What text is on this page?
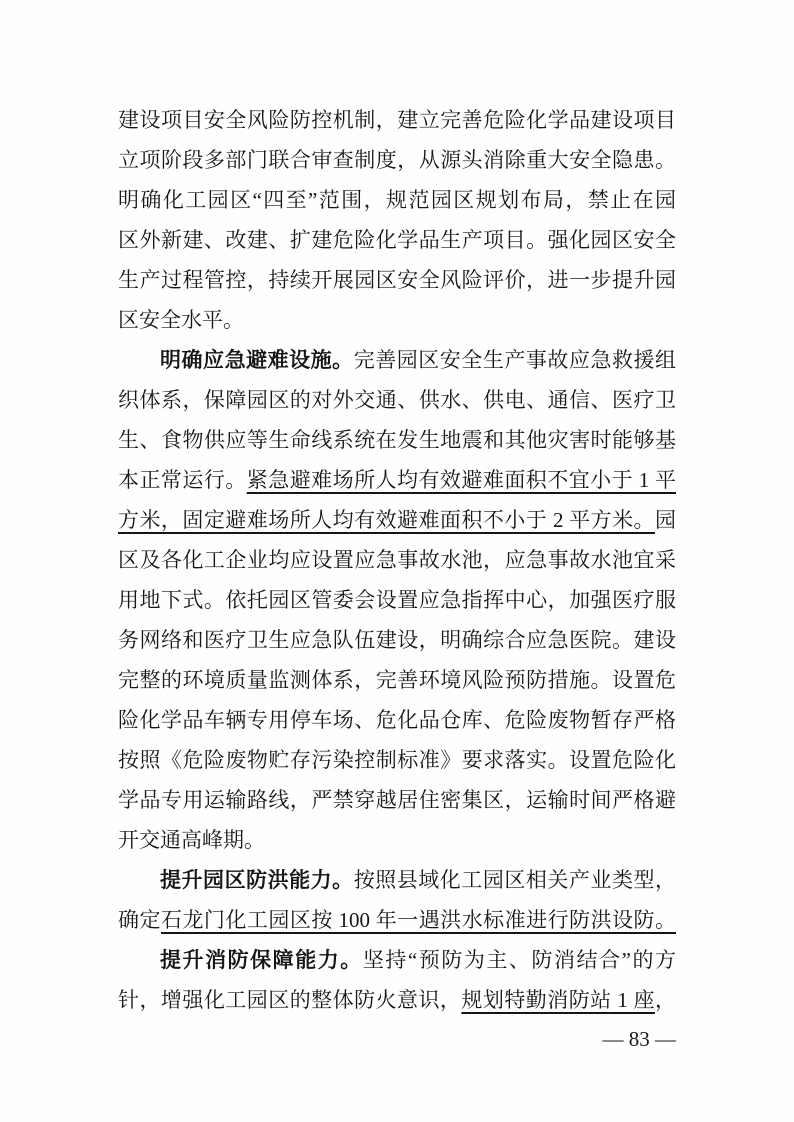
建设项目安全风险防控机制，建立完善危险化学品建设项目
立项阶段多部门联合审查制度，从源头消除重大安全隐患。
明确化工园区“四至”范围，规范园区规划布局，禁止在园
区外新建、改建、扩建危险化学品生产项目。强化园区安全
生产过程管控，持续开展园区安全风险评价，进一步提升园
区安全水平。
明确应急避难设施。完善园区安全生产事故应急救援组
织体系，保障园区的对外交通、供水、供电、通信、医疗卫
生、食物供应等生命线系统在发生地震和其他灾害时能够基
本正常运行。紧急避难场所人均有效避难面积不宜小于 1 平
方米，固定避难场所人均有效避难面积不小于 2 平方米。园
区及各化工企业均应设置应急事故水池，应急事故水池宜采
用地下式。依托园区管委会设置应急指挥中心，加强医疗服
务网络和医疗卫生应急队伍建设，明确综合应急医院。建设
完整的环境质量监测体系，完善环境风险预防措施。设置危
险化学品车辆专用停车场、危化品仓库、危险废物暂存严格
按照《危险废物贮存污染控制标准》要求落实。设置危险化
学品专用运输路线，严禁穿越居住密集区，运输时间严格避
开交通高峰期。
提升园区防洪能力。按照县域化工园区相关产业类型，
确定石龙门化工园区按 100 年一遇洪水标准进行防洪设防。
提升消防保障能力。坚持“预防为主、防消结合”的方
针，增强化工园区的整体防火意识，规划特勤消防站 1 座，
— 83 —
